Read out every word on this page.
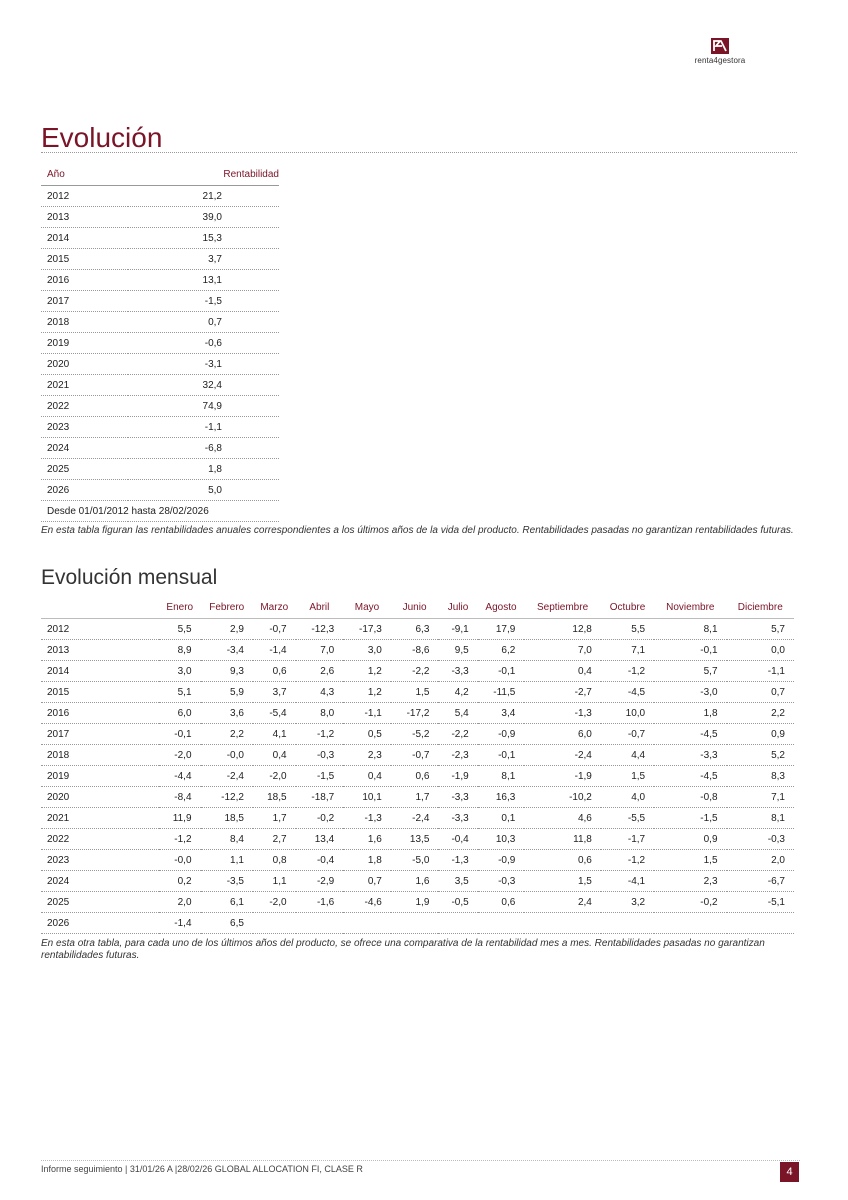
renta4gestora
Evolución
Año	Rentabilidad
2012	21,2
2013	39,0
2014	15,3
2015	3,7
2016	13,1
2017	-1,5
2018	0,7
2019	-0,6
2020	-3,1
2021	32,4
2022	74,9
2023	-1,1
2024	-6,8
2025	1,8
2026	5,0
Desde 01/01/2012 hasta 28/02/2026	
En esta tabla figuran las rentabilidades anuales correspondientes a los últimos años de la vida del producto. Rentabilidades pasadas no garantizan rentabilidades futuras.
Evolución mensual
	Enero	Febrero	Marzo	Abril	Mayo	Junio	Julio	Agosto	Septiembre	Octubre	Noviembre	Diciembre
2012	5,5	2,9	-0,7	-12,3	-17,3	6,3	-9,1	17,9	12,8	5,5	8,1	5,7
2013	8,9	-3,4	-1,4	7,0	3,0	-8,6	9,5	6,2	7,0	7,1	-0,1	0,0
2014	3,0	9,3	0,6	2,6	1,2	-2,2	-3,3	-0,1	0,4	-1,2	5,7	-1,1
2015	5,1	5,9	3,7	4,3	1,2	1,5	4,2	-11,5	-2,7	-4,5	-3,0	0,7
2016	6,0	3,6	-5,4	8,0	-1,1	-17,2	5,4	3,4	-1,3	10,0	1,8	2,2
2017	-0,1	2,2	4,1	-1,2	0,5	-5,2	-2,2	-0,9	6,0	-0,7	-4,5	0,9
2018	-2,0	-0,0	0,4	-0,3	2,3	-0,7	-2,3	-0,1	-2,4	4,4	-3,3	5,2
2019	-4,4	-2,4	-2,0	-1,5	0,4	0,6	-1,9	8,1	-1,9	1,5	-4,5	8,3
2020	-8,4	-12,2	18,5	-18,7	10,1	1,7	-3,3	16,3	-10,2	4,0	-0,8	7,1
2021	11,9	18,5	1,7	-0,2	-1,3	-2,4	-3,3	0,1	4,6	-5,5	-1,5	8,1
2022	-1,2	8,4	2,7	13,4	1,6	13,5	-0,4	10,3	11,8	-1,7	0,9	-0,3
2023	-0,0	1,1	0,8	-0,4	1,8	-5,0	-1,3	-0,9	0,6	-1,2	1,5	2,0
2024	0,2	-3,5	1,1	-2,9	0,7	1,6	3,5	-0,3	1,5	-4,1	2,3	-6,7
2025	2,0	6,1	-2,0	-1,6	-4,6	1,9	-0,5	0,6	2,4	3,2	-0,2	-5,1
2026	-1,4	6,5										
En esta otra tabla, para cada uno de los últimos años del producto, se ofrece una comparativa de la rentabilidad mes a mes. Rentabilidades pasadas no garantizan rentabilidades futuras.
Informe seguimiento | 31/01/26 A |28/02/26 GLOBAL ALLOCATION FI, CLASE R	4
